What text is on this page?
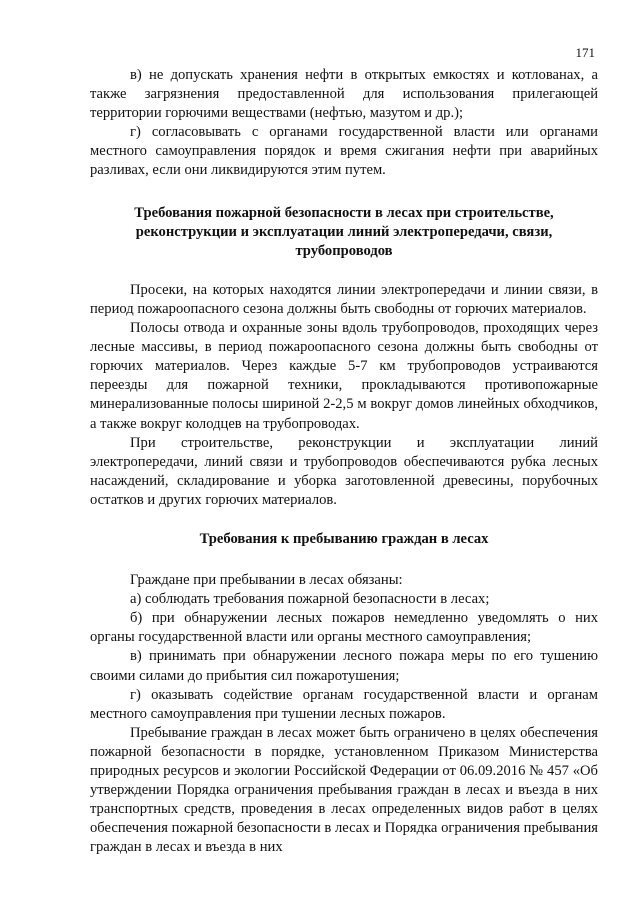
171

в) не допускать хранения нефти в открытых емкостях и котлованах, а также загрязнения предоставленной для использования прилегающей территории горючими веществами (нефтью, мазутом и др.);

г) согласовывать с органами государственной власти или органами местного самоуправления порядок и время сжигания нефти при аварийных разливах, если они ликвидируются этим путем.

Требования пожарной безопасности в лесах при строительстве, реконструкции и эксплуатации линий электропередачи, связи, трубопроводов

Просеки, на которых находятся линии электропередачи и линии связи, в период пожароопасного сезона должны быть свободны от горючих материалов.

Полосы отвода и охранные зоны вдоль трубопроводов, проходящих через лесные массивы, в период пожароопасного сезона должны быть свободны от горючих материалов. Через каждые 5-7 км трубопроводов устраиваются переезды для пожарной техники, прокладываются противопожарные минерализованные полосы шириной 2-2,5 м вокруг домов линейных обходчиков, а также вокруг колодцев на трубопроводах.

При строительстве, реконструкции и эксплуатации линий электропередачи, линий связи и трубопроводов обеспечиваются рубка лесных насаждений, складирование и уборка заготовленной древесины, порубочных остатков и других горючих материалов.

Требования к пребыванию граждан в лесах

Граждане при пребывании в лесах обязаны:

а) соблюдать требования пожарной безопасности в лесах;

б) при обнаружении лесных пожаров немедленно уведомлять о них органы государственной власти или органы местного самоуправления;

в) принимать при обнаружении лесного пожара меры по его тушению своими силами до прибытия сил пожаротушения;

г) оказывать содействие органам государственной власти и органам местного самоуправления при тушении лесных пожаров.

Пребывание граждан в лесах может быть ограничено в целях обеспечения пожарной безопасности в порядке, установленном Приказом Министерства природных ресурсов и экологии Российской Федерации от 06.09.2016 № 457 «Об утверждении Порядка ограничения пребывания граждан в лесах и въезда в них транспортных средств, проведения в лесах определенных видов работ в целях обеспечения пожарной безопасности в лесах и Порядка ограничения пребывания граждан в лесах и въезда в них
